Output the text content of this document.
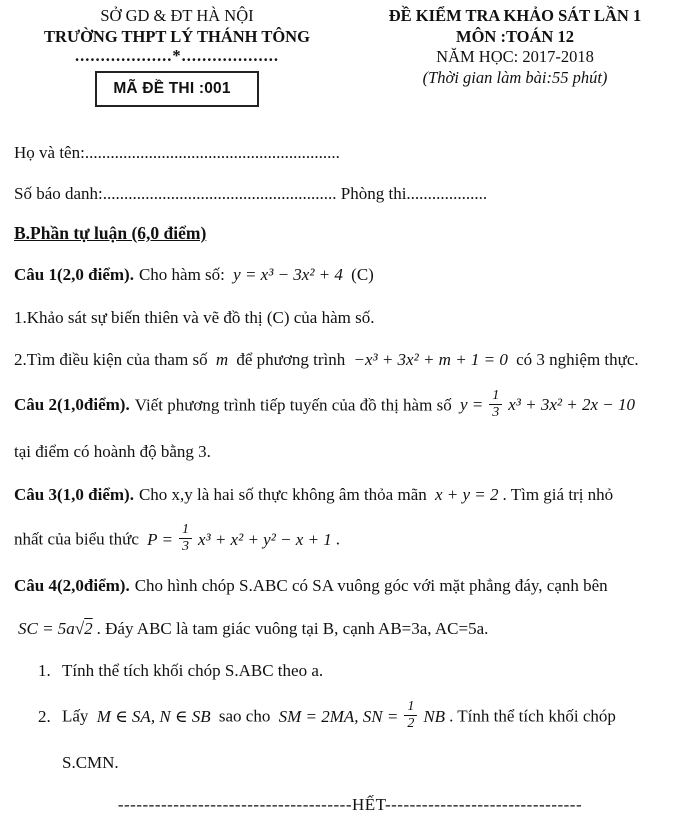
SỞ GD & ĐT HÀ NỘI
TRƯỜNG THPT LÝ THÁNH TÔNG
...................*...................
MÃ ĐỀ THI :001
ĐỀ KIỂM TRA KHẢO SÁT LẦN 1
MÔN :TOÁN 12
NĂM HỌC: 2017-2018
(Thời gian làm bài:55 phút)
Họ và tên:............................................................
Số báo danh:....................................................... Phòng thi...................
B.Phần tự luận (6,0 điểm)
Câu 1(2,0 điểm). Cho hàm số: y = x³ − 3x² + 4 (C)
1.Khảo sát sự biến thiên và vẽ đồ thị (C) của hàm số.
2.Tìm điều kiện của tham số m để phương trình −x³ + 3x² + m + 1 = 0 có 3 nghiệm thực.
Câu 2(1,0điểm). Viết phương trình tiếp tuyến của đồ thị hàm số $y = \frac{1}{3} x^3 + 3x^2 + 2x - 10$
tại điểm có hoành độ bằng 3.
Câu 3(1,0 điểm). Cho x,y là hai số thực không âm thỏa mãn x + y = 2 . Tìm giá trị nhỏ
nhất của biểu thức $P = \frac{1}{3} x^3 + x^2 + y^2 - x + 1$ .
Câu 4(2,0điểm). Cho hình chóp S.ABC có SA vuông góc với mặt phẳng đáy, cạnh bên
SC = 5a√2 . Đáy ABC là tam giác vuông tại B, cạnh AB=3a, AC=5a.
1. Tính thể tích khối chóp S.ABC theo a.
2. Lấy M ∈ SA, N ∈ SB sao cho SM = 2MA, SN = $\frac{1}{2}$ NB . Tính thể tích khối chóp
S.CMN.
--------------------------------------HẾT--------------------------------
